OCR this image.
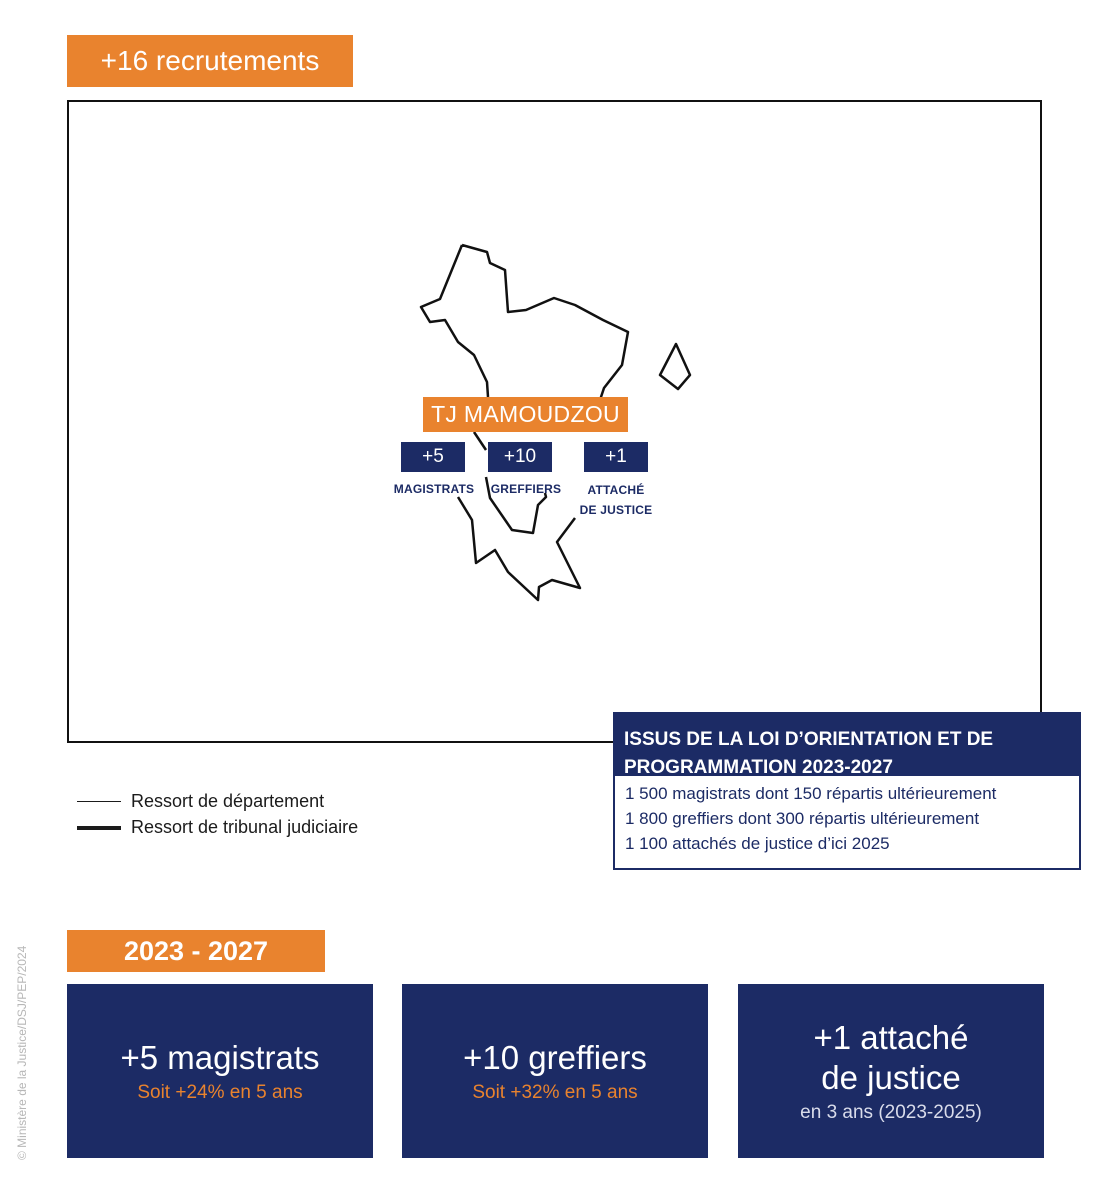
+16 recrutements
TJ MAMOUDZOU
+5	+10	+1
MAGISTRATS	GREFFIERS	ATTACHÉ
DE JUSTICE
ISSUS DE LA LOI D’ORIENTATION ET DE
PROGRAMMATION 2023-2027
1 500 magistrats dont 150 répartis ultérieurement
1 800 greffiers dont 300 répartis ultérieurement
1 100 attachés de justice d’ici 2025
Ressort de département
Ressort de tribunal judiciaire
© Ministère de la Justice/DSJ/PEP/2024	2023 - 2027
+5 magistrats
Soit +24% en 5 ans
+10 greffiers
Soit +32% en 5 ans
+1 attaché
de justice
en 3 ans (2023-2025)
